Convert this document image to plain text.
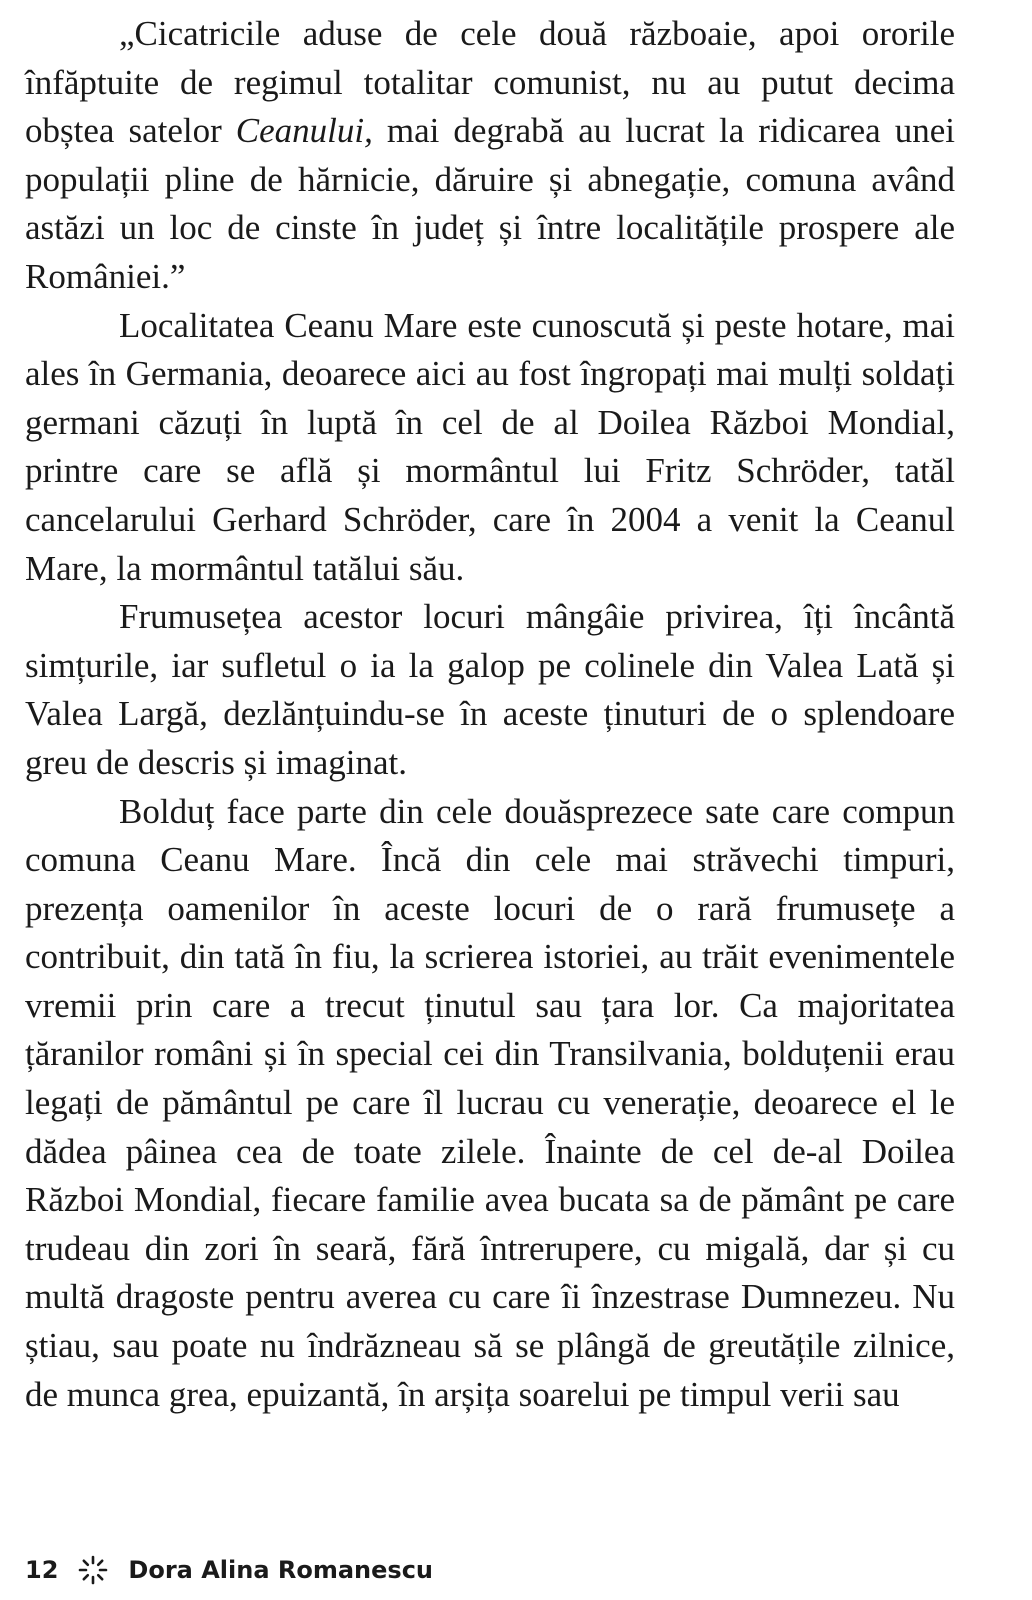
„Cicatricile aduse de cele două războaie, apoi ororile înfăptuite de regimul totalitar comunist, nu au putut decima obștea satelor Ceanului, mai degrabă au lucrat la ridicarea unei populații pline de hărnicie, dăruire și abnegație, comuna având astăzi un loc de cinste în județ și între localitățile prospere ale României.”

Localitatea Ceanu Mare este cunoscută și peste hotare, mai ales în Germania, deoarece aici au fost îngropați mai mulți soldați germani căzuți în luptă în cel de al Doilea Război Mondial, printre care se află și mormântul lui Fritz Schröder, tatăl cancelarului Gerhard Schröder, care în 2004 a venit la Ceanul Mare, la mormântul tatălui său.

Frumusețea acestor locuri mângâie privirea, îți încântă simțurile, iar sufletul o ia la galop pe colinele din Valea Lată și Valea Largă, dezlănțuindu-se în aceste ținuturi de o splendoare greu de descris și imaginat.

Bolduț face parte din cele douăsprezece sate care compun comuna Ceanu Mare. Încă din cele mai străvechi timpuri, prezența oamenilor în aceste locuri de o rară frumusețe a contribuit, din tată în fiu, la scrierea istoriei, au trăit evenimentele vremii prin care a trecut ținutul sau țara lor. Ca majoritatea țăranilor români și în special cei din Transilvania, bolduțenii erau legați de pământul pe care îl lucrau cu venerație, deoarece el le dădea pâinea cea de toate zilele. Înainte de cel de-al Doilea Război Mondial, fiecare familie avea bucata sa de pământ pe care trudeau din zori în seară, fără întrerupere, cu migală, dar și cu multă dragoste pentru averea cu care îi înzestrase Dumnezeu. Nu știau, sau poate nu îndrăzneau să se plângă de greutățile zilnice, de munca grea, epuizantă, în arșița soarelui pe timpul verii sau

12	Dora Alina Romanescu
